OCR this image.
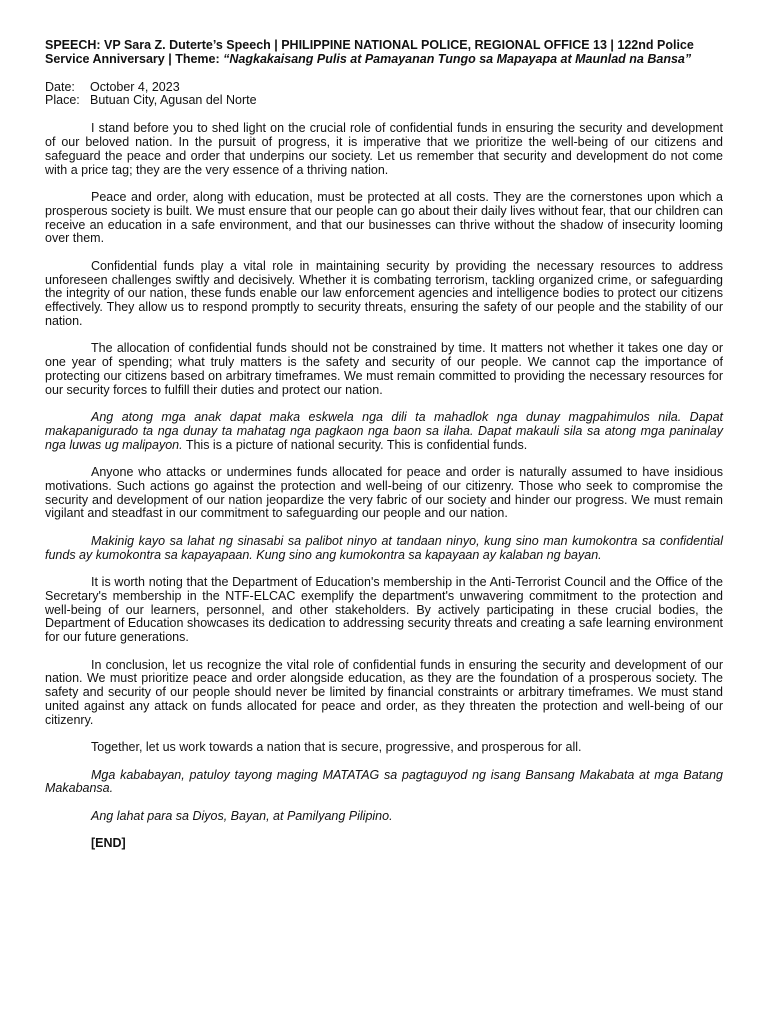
SPEECH: VP Sara Z. Duterte’s Speech | PHILIPPINE NATIONAL POLICE, REGIONAL OFFICE 13 | 122nd Police Service Anniversary | Theme: “Nagkakaisang Pulis at Pamayanan Tungo sa Mapayapa at Maunlad na Bansa”
Date:	October 4, 2023
Place: Butuan City, Agusan del Norte

I stand before you to shed light on the crucial role of confidential funds in ensuring the security and development of our beloved nation. In the pursuit of progress, it is imperative that we prioritize the well-being of our citizens and safeguard the peace and order that underpins our society. Let us remember that security and development do not come with a price tag; they are the very essence of a thriving nation.

Peace and order, along with education, must be protected at all costs. They are the cornerstones upon which a prosperous society is built. We must ensure that our people can go about their daily lives without fear, that our children can receive an education in a safe environment, and that our businesses can thrive without the shadow of insecurity looming over them.

Confidential funds play a vital role in maintaining security by providing the necessary resources to address unforeseen challenges swiftly and decisively. Whether it is combating terrorism, tackling organized crime, or safeguarding the integrity of our nation, these funds enable our law enforcement agencies and intelligence bodies to protect our citizens effectively. They allow us to respond promptly to security threats, ensuring the safety of our people and the stability of our nation.

The allocation of confidential funds should not be constrained by time. It matters not whether it takes one day or one year of spending; what truly matters is the safety and security of our people. We cannot cap the importance of protecting our citizens based on arbitrary timeframes. We must remain committed to providing the necessary resources for our security forces to fulfill their duties and protect our nation.

Ang atong mga anak dapat maka eskwela nga dili ta mahadlok nga dunay magpahimulos nila. Dapat makapanigurado ta nga dunay ta mahatag nga pagkaon nga baon sa ilaha. Dapat makauli sila sa atong mga paninalay nga luwas ug malipayon. This is a picture of national security. This is confidential funds.

Anyone who attacks or undermines funds allocated for peace and order is naturally assumed to have insidious motivations. Such actions go against the protection and well-being of our citizenry. Those who seek to compromise the security and development of our nation jeopardize the very fabric of our society and hinder our progress. We must remain vigilant and steadfast in our commitment to safeguarding our people and our nation.

Makinig kayo sa lahat ng sinasabi sa palibot ninyo at tandaan ninyo, kung sino man kumokontra sa confidential funds ay kumokontra sa kapayapaan. Kung sino ang kumokontra sa kapayaan ay kalaban ng bayan.

It is worth noting that the Department of Education's membership in the Anti-Terrorist Council and the Office of the Secretary's membership in the NTF-ELCAC exemplify the department's unwavering commitment to the protection and well-being of our learners, personnel, and other stakeholders. By actively participating in these crucial bodies, the Department of Education showcases its dedication to addressing security threats and creating a safe learning environment for our future generations.

In conclusion, let us recognize the vital role of confidential funds in ensuring the security and development of our nation. We must prioritize peace and order alongside education, as they are the foundation of a prosperous society. The safety and security of our people should never be limited by financial constraints or arbitrary timeframes. We must stand united against any attack on funds allocated for peace and order, as they threaten the protection and well-being of our citizenry.

Together, let us work towards a nation that is secure, progressive, and prosperous for all.

Mga kababayan, patuloy tayong maging MATATAG sa pagtaguyod ng isang Bansang Makabata at mga Batang Makabansa.

Ang lahat para sa Diyos, Bayan, at Pamilyang Pilipino.

[END]
